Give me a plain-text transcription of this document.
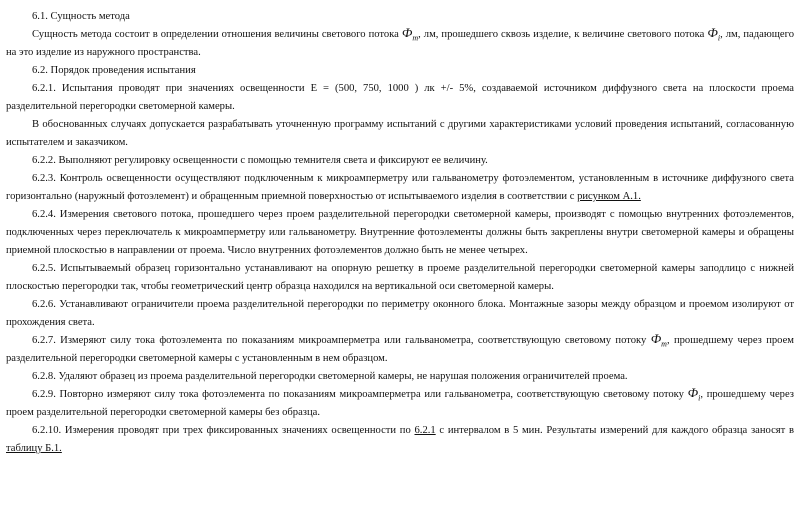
6.1. Сущность метода

Сущность метода состоит в определении отношения величины светового потока $Ф_т$, лм, прошедшего сквозь изделие, к величине светового потока $Ф_i$, лм, падающего на это изделие из наружного пространства.

6.2. Порядок проведения испытания

6.2.1. Испытания проводят при значениях освещенности Е = (500, 750, 1000 ) лк +/- 5%, создаваемой источником диффузного света на плоскости проема разделительной перегородки светомерной камеры.

В обоснованных случаях допускается разрабатывать уточненную программу испытаний с другими характеристиками условий проведения испытаний, согласованную испытателем и заказчиком.

6.2.2. Выполняют регулировку освещенности с помощью темнителя света и фиксируют ее величину.

6.2.3. Контроль освещенности осуществляют подключенным к микроамперметру или гальванометру фотоэлементом, установленным в источнике диффузного света горизонтально (наружный фотоэлемент) и обращенным приемной поверхностью от испытываемого изделия в соответствии с рисунком А.1.

6.2.4. Измерения светового потока, прошедшего через проем разделительной перегородки светомерной камеры, производят с помощью внутренних фотоэлементов, подключенных через переключатель к микроамперметру или гальванометру. Внутренние фотоэлементы должны быть закреплены внутри светомерной камеры и обращены приемной плоскостью в направлении от проема. Число внутренних фотоэлементов должно быть не менее четырех.

6.2.5. Испытываемый образец горизонтально устанавливают на опорную решетку в проеме разделительной перегородки светомерной камеры заподлицо с нижней плоскостью перегородки так, чтобы геометрический центр образца находился на вертикальной оси светомерной камеры.

6.2.6. Устанавливают ограничители проема разделительной перегородки по периметру оконного блока. Монтажные зазоры между образцом и проемом изолируют от прохождения света.

6.2.7. Измеряют силу тока фотоэлемента по показаниям микроамперметра или гальванометра, соответствующую световому потоку $Ф_т$, прошедшему через проем разделительной перегородки светомерной камеры с установленным в нем образцом.

6.2.8. Удаляют образец из проема разделительной перегородки светомерной камеры, не нарушая положения ограничителей проема.

6.2.9. Повторно измеряют силу тока фотоэлемента по показаниям микроамперметра или гальванометра, соответствующую световому потоку $Ф_i$, прошедшему через проем разделительной перегородки светомерной камеры без образца.

6.2.10. Измерения проводят при трех фиксированных значениях освещенности по 6.2.1 с интервалом в 5 мин. Результаты измерений для каждого образца заносят в таблицу Б.1.
